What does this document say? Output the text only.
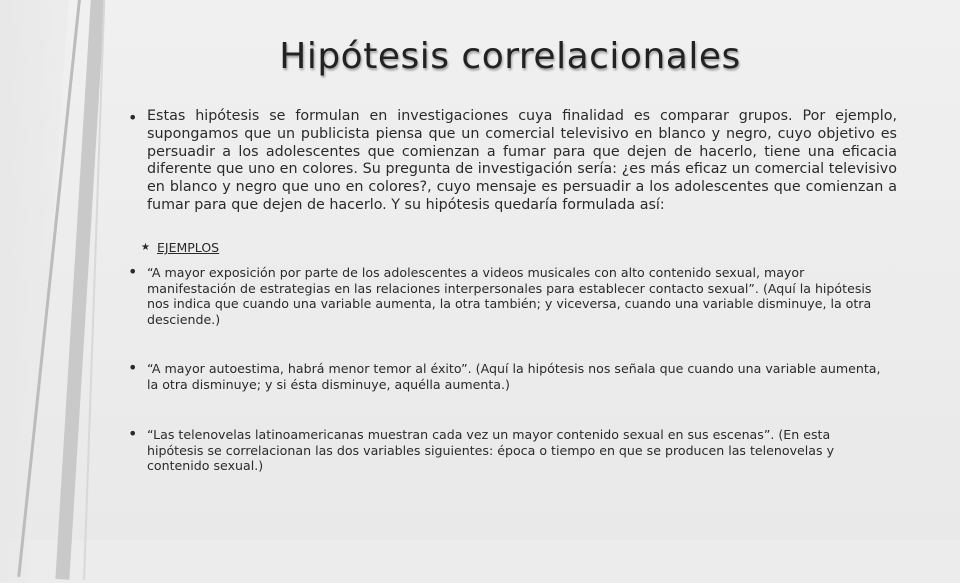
Hipótesis correlacionales
• Estas hipótesis se formulan en investigaciones cuya finalidad es comparar grupos. Por ejemplo, supongamos que un publicista piensa que un comercial televisivo en blanco y negro, cuyo objetivo es persuadir a los adolescentes que comienzan a fumar para que dejen de hacerlo, tiene una eficacia diferente que uno en colores. Su pregunta de investigación sería: ¿es más eficaz un comercial televisivo en blanco y negro que uno en colores?, cuyo mensaje es persuadir a los adolescentes que comienzan a fumar para que dejen de hacerlo. Y su hipótesis quedaría formulada así:
★ EJEMPLOS
• “A mayor exposición por parte de los adolescentes a videos musicales con alto contenido sexual, mayor manifestación de estrategias en las relaciones interpersonales para establecer contacto sexual”. (Aquí la hipótesis nos indica que cuando una variable aumenta, la otra también; y viceversa, cuando una variable disminuye, la otra desciende.)
• “A mayor autoestima, habrá menor temor al éxito”. (Aquí la hipótesis nos señala que cuando una variable aumenta, la otra disminuye; y si ésta disminuye, aquélla aumenta.)
• “Las telenovelas latinoamericanas muestran cada vez un mayor contenido sexual en sus escenas”. (En esta hipótesis se correlacionan las dos variables siguientes: época o tiempo en que se producen las telenovelas y contenido sexual.)
